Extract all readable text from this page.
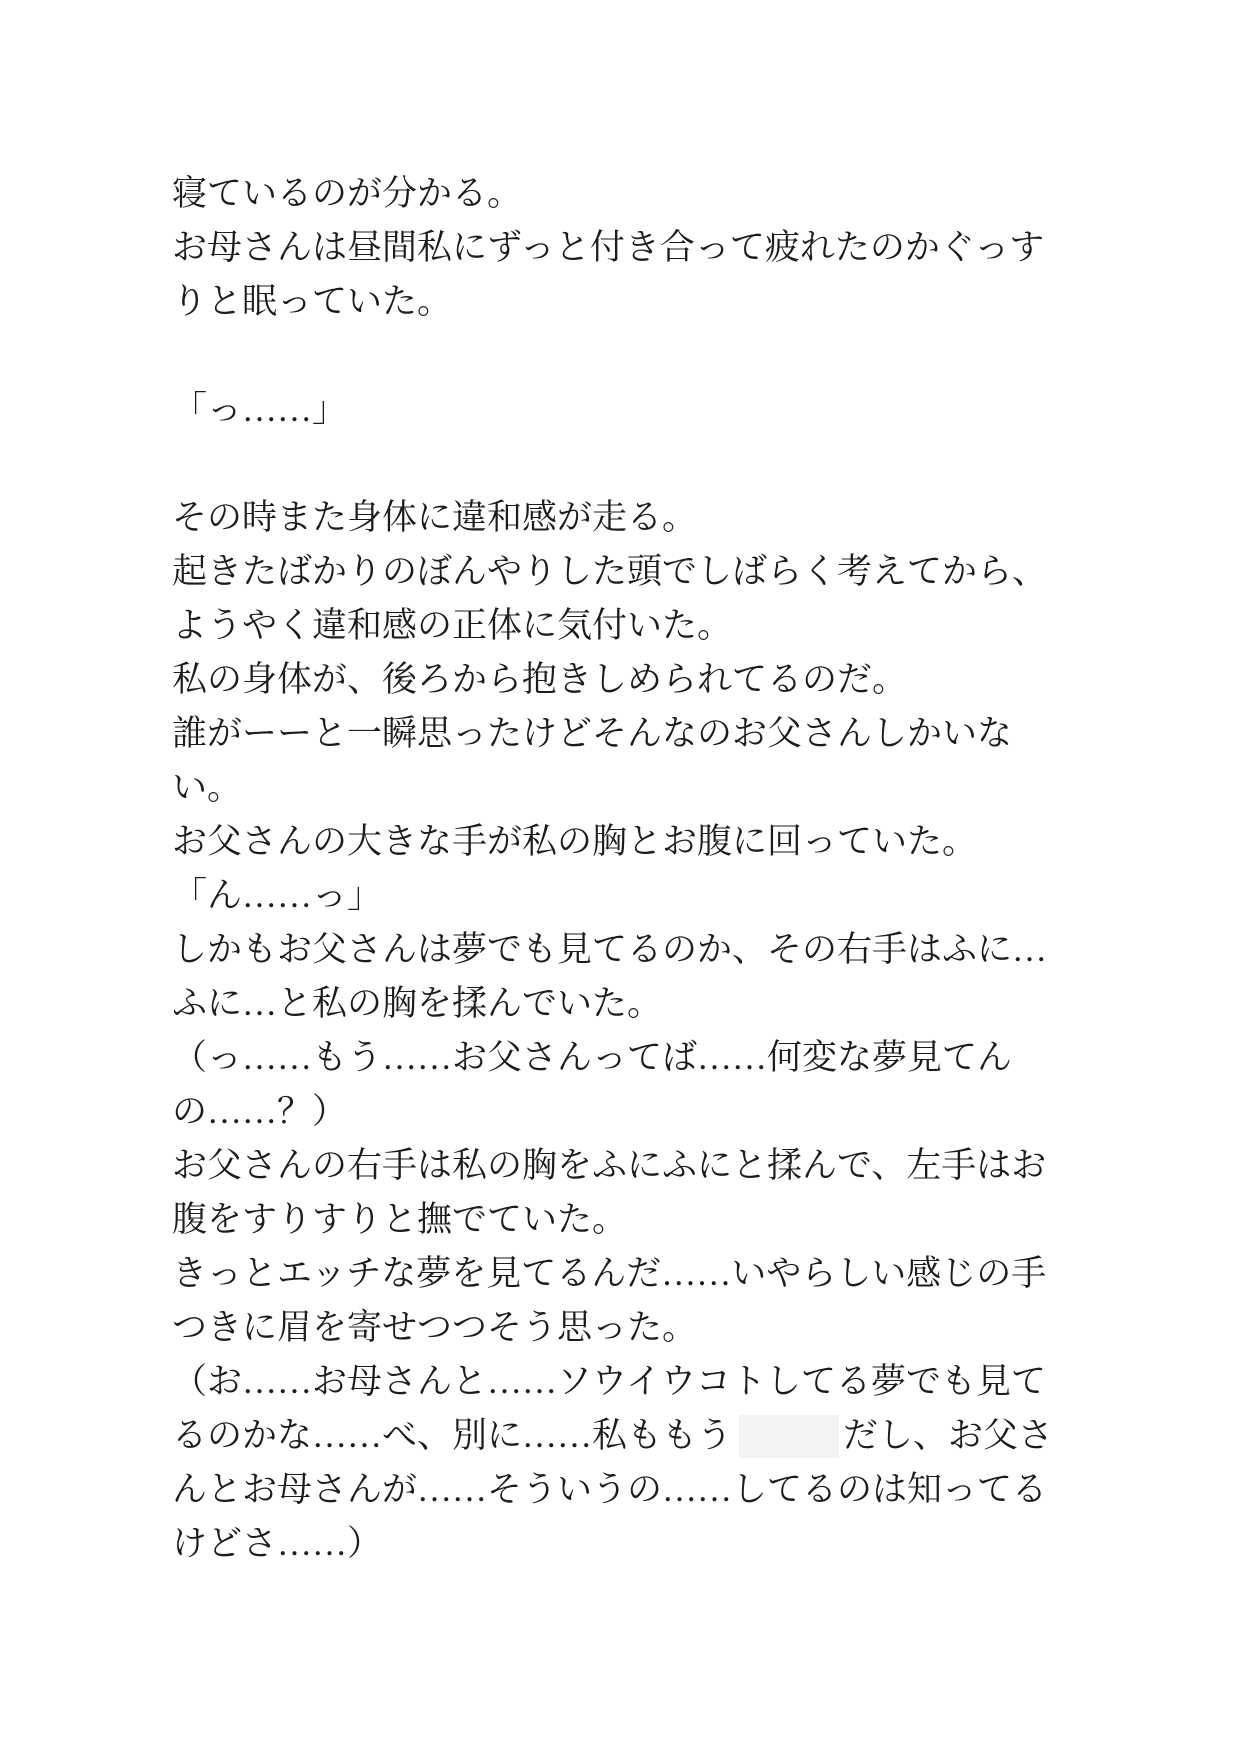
寝ているのが分かる。
お母さんは昼間私にずっと付き合って疲れたのかぐっす
りと眠っていた。
「っ……」
その時また身体に違和感が走る。
起きたばかりのぼんやりした頭でしばらく考えてから、
ようやく違和感の正体に気付いた。
私の身体が、後ろから抱きしめられてるのだ。
誰がーーと一瞬思ったけどそんなのお父さんしかいな
い。
お父さんの大きな手が私の胸とお腹に回っていた。
「ん……っ」
しかもお父さんは夢でも見てるのか、その右手はふに…
ふに…と私の胸を揉んでいた。
（っ……もう……お父さんってば……何変な夢見てん
の……？）
お父さんの右手は私の胸をふにふにと揉んで、左手はお
腹をすりすりと撫でていた。
きっとエッチな夢を見てるんだ……いやらしい感じの手
つきに眉を寄せつつそう思った。
（お……お母さんと……ソウイウコトしてる夢でも見て
るのかな……べ、別に……私ももう	だし、お父さ
んとお母さんが……そういうの……してるのは知ってる
けどさ……）
